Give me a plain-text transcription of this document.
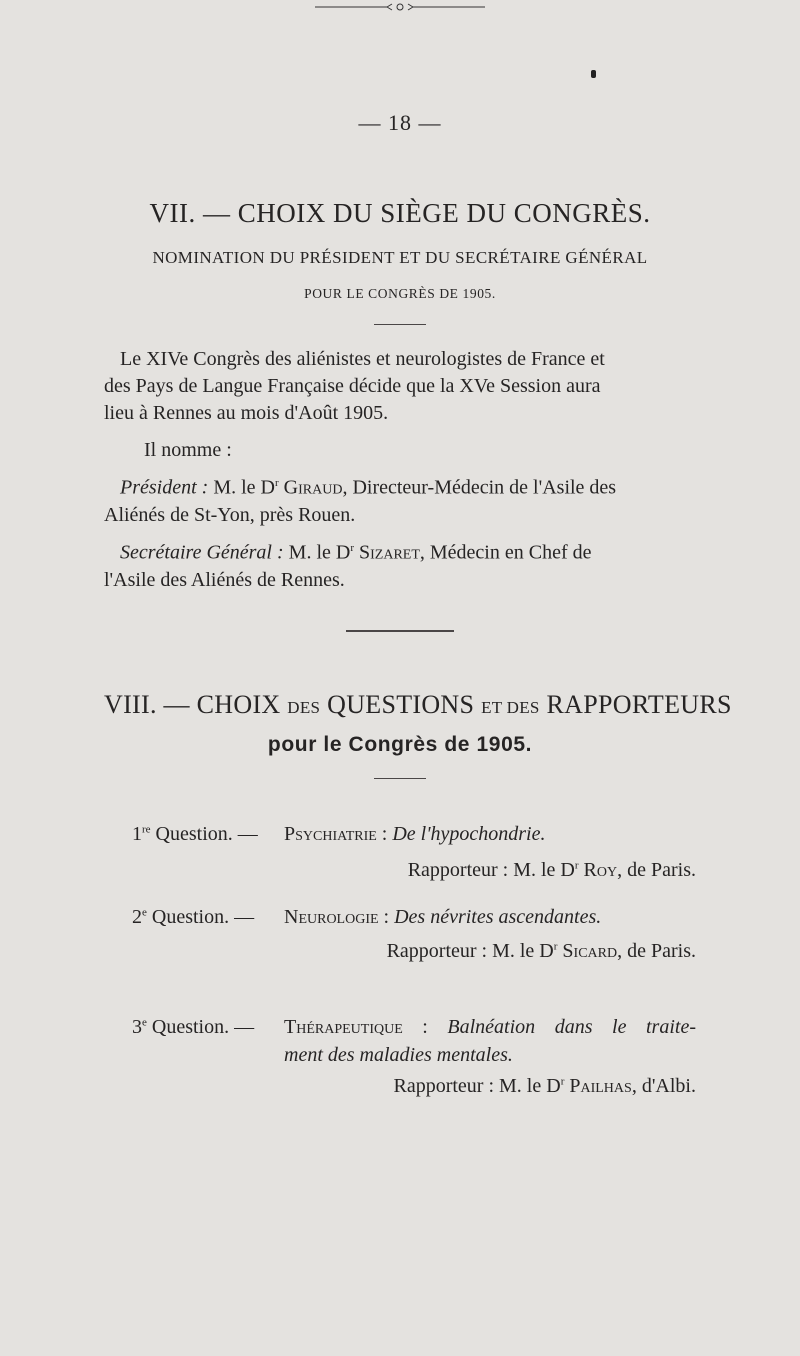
— 18 —
VII. — CHOIX DU SIÈGE DU CONGRÈS.
NOMINATION DU PRÉSIDENT ET DU SECRÉTAIRE GÉNÉRAL
POUR LE CONGRÈS DE 1905.
Le XIVe Congrès des aliénistes et neurologistes de France et
des Pays de Langue Française décide que la XVe Session aura
lieu à Rennes au mois d'Août 1905.
Il nomme :
Président : M. le $D^r$ Giraud, Directeur-Médecin de l'Asile des
Aliénés de St-Yon, près Rouen.
Secrétaire Général : M. le $D^r$ Sizaret, Médecin en Chef de
l'Asile des Aliénés de Rennes.
VIII. — CHOIX DES QUESTIONS ET DES RAPPORTEURS
pour le Congrès de 1905.
1re Question. — Psychiatrie : De l'hypochondrie.
Rapporteur : M. le $D^r$ Roy, de Paris.
2e Question. — Neurologie : Des névrites ascendantes.
Rapporteur : M. le $D^r$ Sicard, de Paris.
3e Question. — Thérapeutique : Balnéation dans le traite-
ment des maladies mentales.
Rapporteur : M. le $D^r$ Pailhas, d'Albi.
